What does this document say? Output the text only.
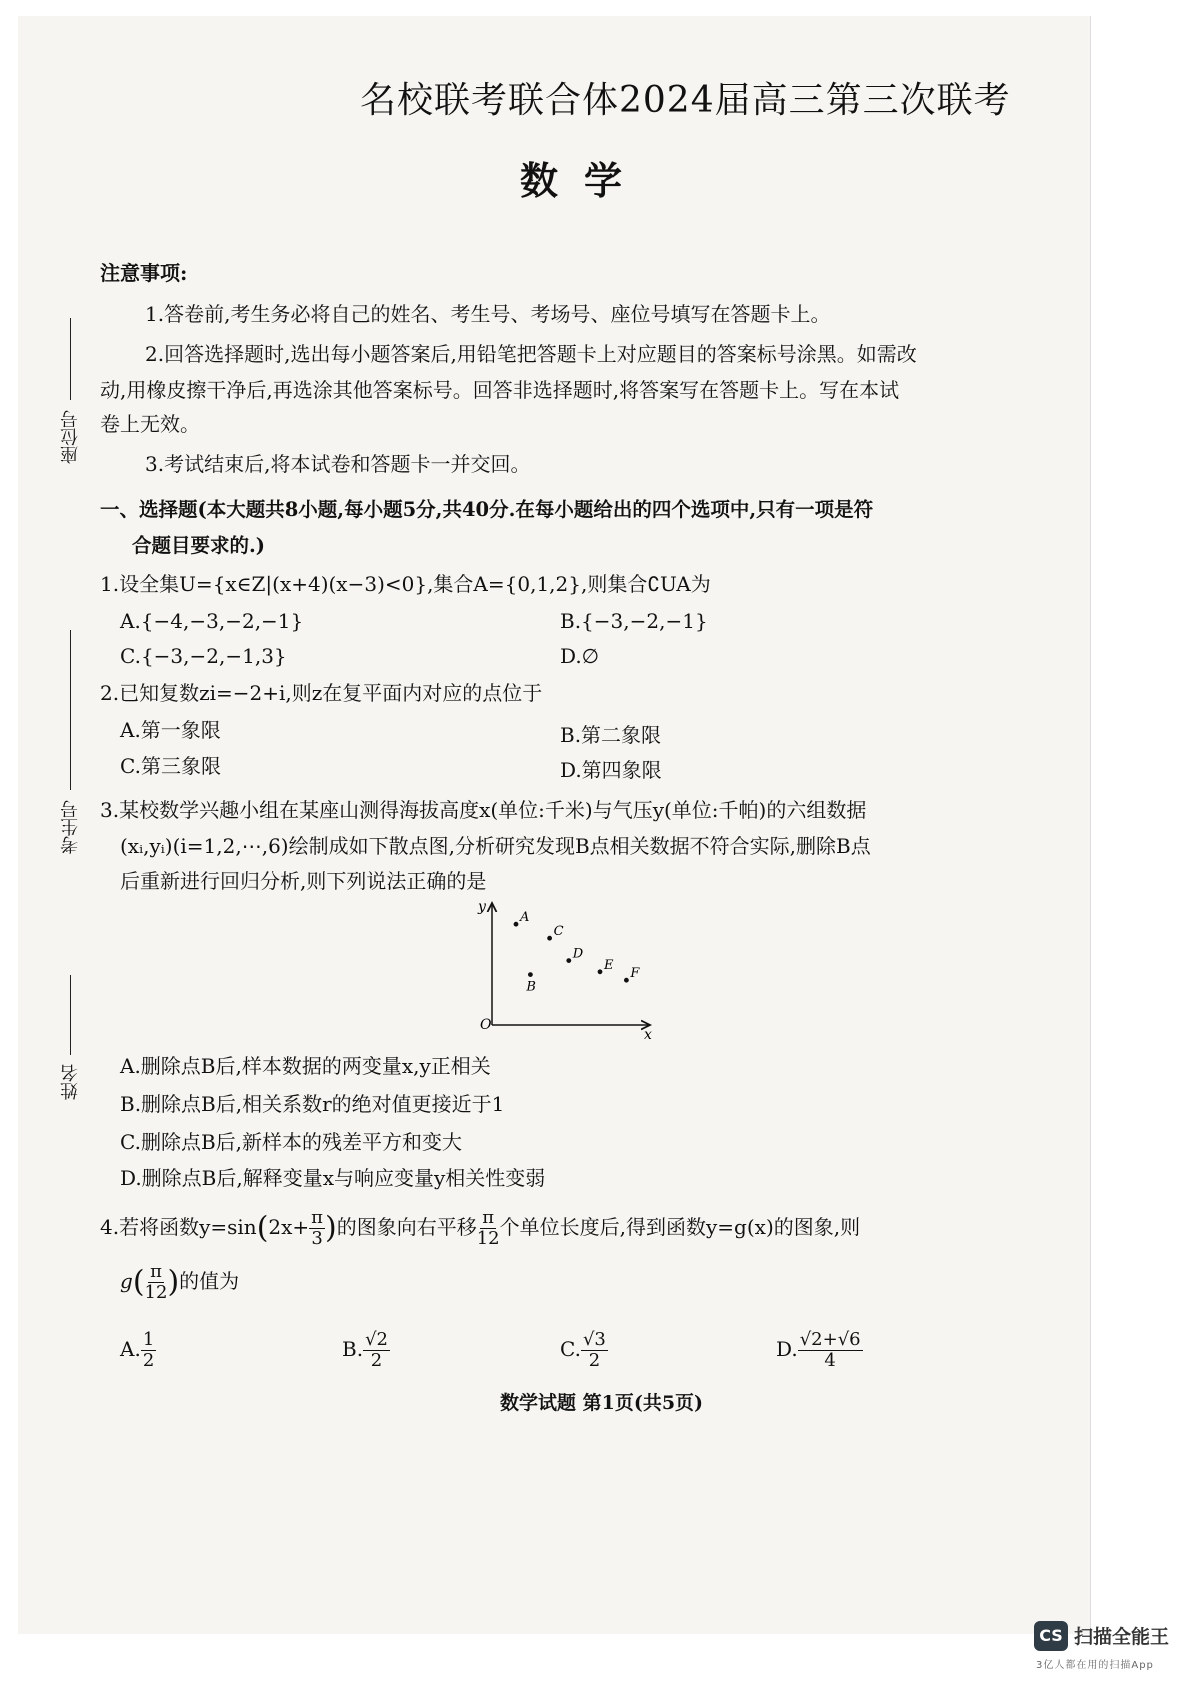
名校联考联合体2024届高三第三次联考
数学
座位号
考生号
姓名
注意事项:
1.答卷前,考生务必将自己的姓名、考生号、考场号、座位号填写在答题卡上。
2.回答选择题时,选出每小题答案后,用铅笔把答题卡上对应题目的答案标号涂黑。如需改
动,用橡皮擦干净后,再选涂其他答案标号。回答非选择题时,将答案写在答题卡上。写在本试
卷上无效。
3.考试结束后,将本试卷和答题卡一并交回。
一、选择题(本大题共8小题,每小题5分,共40分.在每小题给出的四个选项中,只有一项是符
合题目要求的.)
1.设全集U={x∈Z|(x+4)(x−3)<0},集合A={0,1,2},则集合∁UA为
A.{−4,−3,−2,−1}	B.{−3,−2,−1}
C.{−3,−2,−1,3}	D.∅
2.已知复数zi=−2+i,则z在复平面内对应的点位于
A.第一象限	B.第二象限
C.第三象限	D.第四象限
3.某校数学兴趣小组在某座山测得海拔高度x(单位:千米)与气压y(单位:千帕)的六组数据
(xᵢ,yᵢ)(i=1,2,⋯,6)绘制成如下散点图,分析研究发现B点相关数据不符合实际,删除B点
后重新进行回归分析,则下列说法正确的是
y
x
O
A
C
B
D
E
F
A.删除点B后,样本数据的两变量x,y正相关
B.删除点B后,相关系数r的绝对值更接近于1
C.删除点B后,新样本的残差平方和变大
D.删除点B后,解释变量x与响应变量y相关性变弱
4.若将函数$y=\sin(2x+ \frac{\pi}{3}$ )的图象向右平移 $\frac{\pi}{12}$ 个单位长度后,得到函数y=g(x)的图象,则
$g( \frac{\pi}{12}$ )的值为
A. $\frac{1}{2}$	B. $\frac{√2}{2}$	C. $\frac{√3}{2}$	D. $\frac{√2+√6}{4}$
数学试题 第1页(共5页)
CS 扫描全能王
3亿人都在用的扫描App
